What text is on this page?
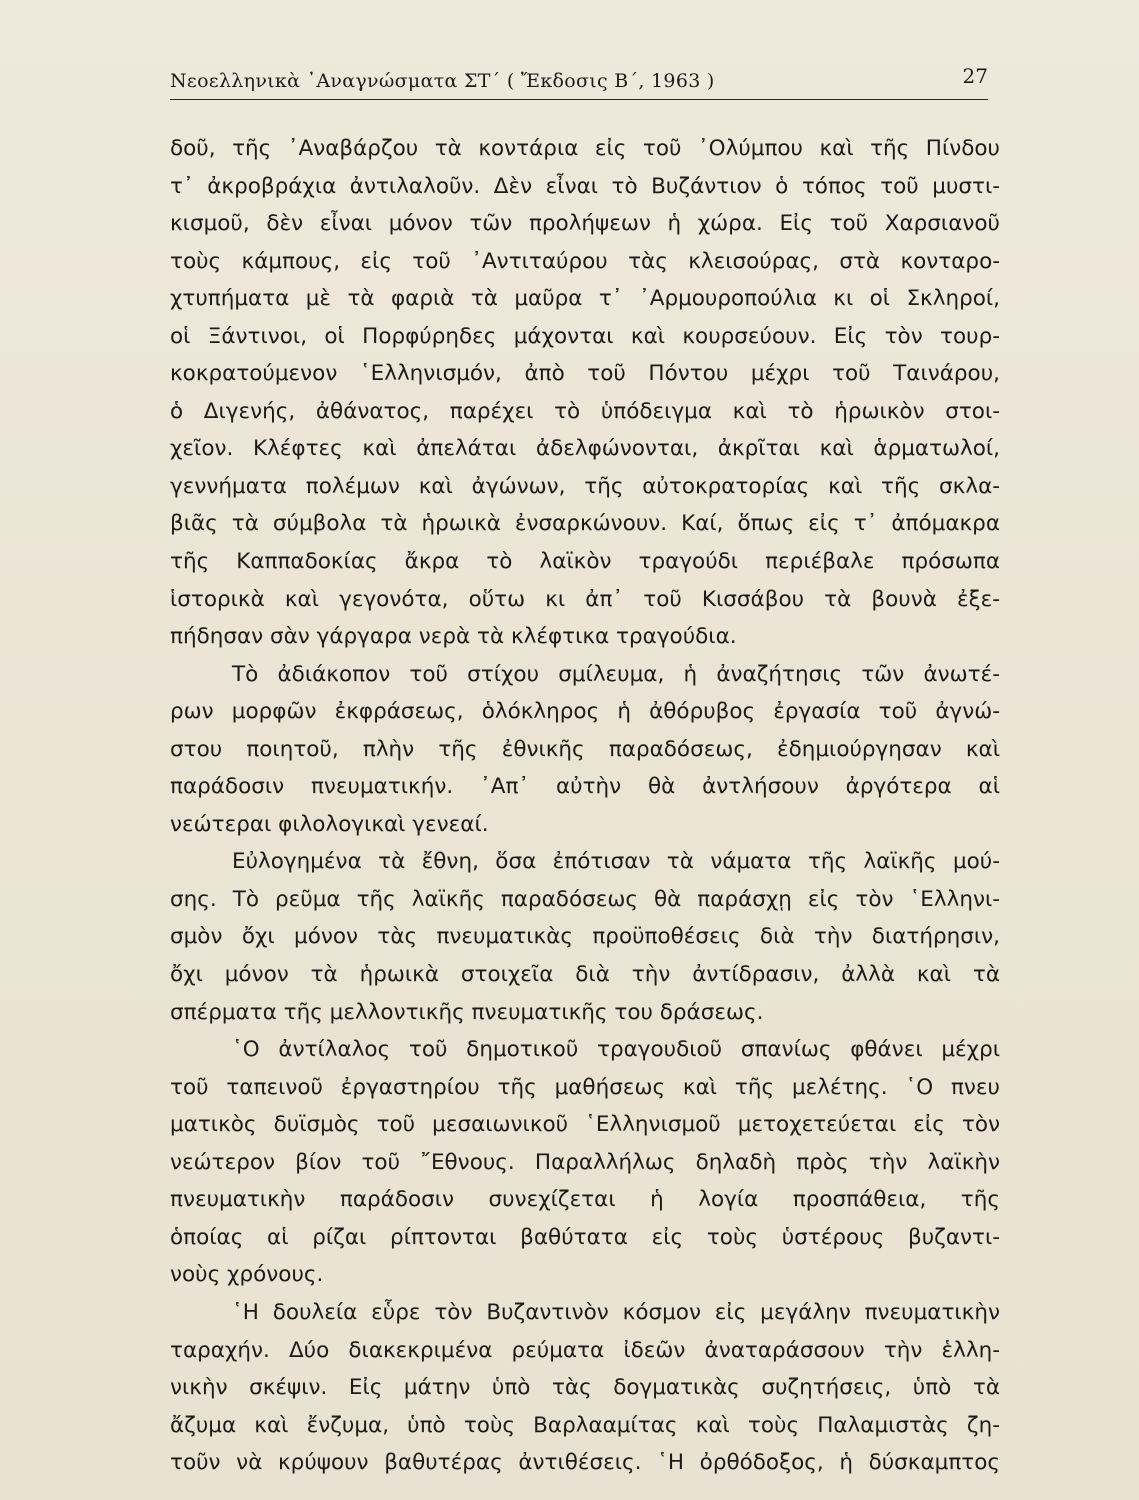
Νεοελληνικὰ ᾿Αναγνώσματα ΣΤ΄ ( Ἔκδοσις Β΄, 1963 )	27
δοῦ, τῆς ᾿Αναβάρζου τὰ κοντάρια εἰς τοῦ ᾿Ολύμπου καὶ τῆς Πίνδου
τ᾿ ἀκροβράχια ἀντιλαλοῦν. Δὲν εἶναι τὸ Βυζάντιον ὁ τόπος τοῦ μυστι-
κισμοῦ, δὲν εἶναι μόνον τῶν προλήψεων ἡ χώρα. Εἰς τοῦ Χαρσιανοῦ
τοὺς κάμπους, εἰς τοῦ ᾿Αντιταύρου τὰς κλεισούρας, στὰ κονταρο-
χτυπήματα μὲ τὰ φαριὰ τὰ μαῦρα τ᾿ ᾿Αρμουροπούλια κι οἱ Σκληροί,
οἱ Ξάντινοι, οἱ Πορφύρηδες μάχονται καὶ κουρσεύουν. Εἰς τὸν τουρ-
κοκρατούμενον ῾Ελληνισμόν, ἀπὸ τοῦ Πόντου μέχρι τοῦ Ταινάρου,
ὁ Διγενής, ἀθάνατος, παρέχει τὸ ὑπόδειγμα καὶ τὸ ἡρωικὸν στοι-
χεῖον. Κλέφτες καὶ ἀπελάται ἀδελφώνονται, ἀκρῖται καὶ ἁρματωλοί,
γεννήματα πολέμων καὶ ἀγώνων, τῆς αὐτοκρατορίας καὶ τῆς σκλα-
βιᾶς τὰ σύμβολα τὰ ἡρωικὰ ἐνσαρκώνουν. Καί, ὅπως εἰς τ᾿ ἀπόμακρα
τῆς Καππαδοκίας ἄκρα τὸ λαϊκὸν τραγούδι περιέβαλε πρόσωπα
ἱστορικὰ καὶ γεγονότα, οὕτω κι ἀπ᾿ τοῦ Κισσάβου τὰ βουνὰ ἐξε-
πήδησαν σὰν γάργαρα νερὰ τὰ κλέφτικα τραγούδια.
Τὸ ἀδιάκοπον τοῦ στίχου σμίλευμα, ἡ ἀναζήτησις τῶν ἀνωτέ-
ρων μορφῶν ἐκφράσεως, ὁλόκληρος ἡ ἀθόρυβος ἐργασία τοῦ ἀγνώ-
στου ποιητοῦ, πλὴν τῆς ἐθνικῆς παραδόσεως, ἐδημιούργησαν καὶ
παράδοσιν πνευματικήν. ᾿Απ᾿ αὐτὴν θὰ ἀντλήσουν ἀργότερα αἱ
νεώτεραι φιλολογικαὶ γενεαί.
Εὐλογημένα τὰ ἔθνη, ὅσα ἐπότισαν τὰ νάματα τῆς λαϊκῆς μού-
σης. Τὸ ρεῦμα τῆς λαϊκῆς παραδόσεως θὰ παράσχῃ εἰς τὸν ῾Ελληνι-
σμὸν ὄχι μόνον τὰς πνευματικὰς προϋποθέσεις διὰ τὴν διατήρησιν,
ὄχι μόνον τὰ ἡρωικὰ στοιχεῖα διὰ τὴν ἀντίδρασιν, ἀλλὰ καὶ τὰ
σπέρματα τῆς μελλοντικῆς πνευματικῆς του δράσεως.
῾Ο ἀντίλαλος τοῦ δημοτικοῦ τραγουδιοῦ σπανίως φθάνει μέχρι
τοῦ ταπεινοῦ ἐργαστηρίου τῆς μαθήσεως καὶ τῆς μελέτης. ῾Ο πνευ
ματικὸς δυϊσμὸς τοῦ μεσαιωνικοῦ ῾Ελληνισμοῦ μετοχετεύεται εἰς τὸν
νεώτερον βίον τοῦ ῎Εθνους. Παραλλήλως δηλαδὴ πρὸς τὴν λαϊκὴν
πνευματικὴν παράδοσιν συνεχίζεται ἡ λογία προσπάθεια, τῆς
ὁποίας αἱ ρίζαι ρίπτονται βαθύτατα εἰς τοὺς ὑστέρους βυζαντι-
νοὺς χρόνους.
῾Η δουλεία εὗρε τὸν Βυζαντινὸν κόσμον εἰς μεγάλην πνευματικὴν
ταραχήν. Δύο διακεκριμένα ρεύματα ἰδεῶν ἀναταράσσουν τὴν ἑλλη-
νικὴν σκέψιν. Εἰς μάτην ὑπὸ τὰς δογματικὰς συζητήσεις, ὑπὸ τὰ
ἄζυμα καὶ ἔνζυμα, ὑπὸ τοὺς Βαρλααμίτας καὶ τοὺς Παλαμιστὰς ζη-
τοῦν νὰ κρύψουν βαθυτέρας ἀντιθέσεις. ῾Η ὀρθόδοξος, ἡ δύσκαμπτος
